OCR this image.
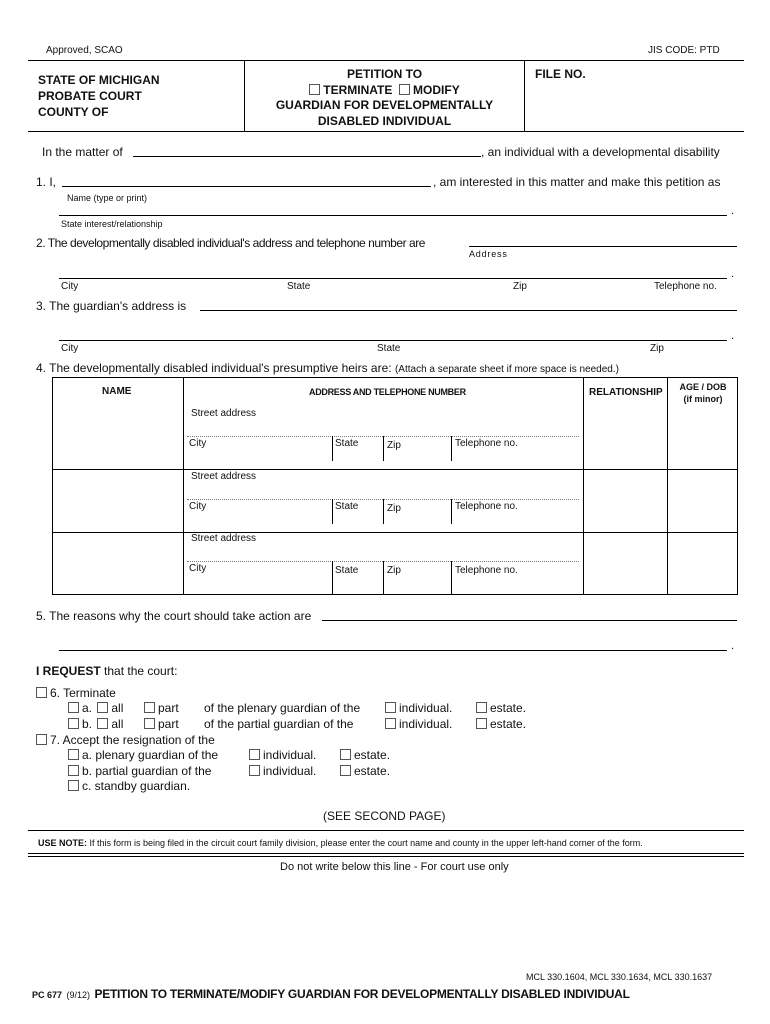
Approved, SCAO	JIS CODE: PTD
STATE OF MICHIGAN
PROBATE COURT
COUNTY OF
PETITION TO
TERMINATE MODIFY
GUARDIAN FOR DEVELOPMENTALLY
DISABLED INDIVIDUAL
FILE NO.
In the matter of	, an individual with a developmental disability
1. I,	, am interested in this matter and make this petition as
Name (type or print)
.
State interest/relationship
2. The developmentally disabled individual's address and telephone number are
Address
.
City	State	Zip	Telephone no.
3. The guardian's address is
.
City	State	Zip
4. The developmentally disabled individual's presumptive heirs are: (Attach a separate sheet if more space is needed.)
NAME	ADDRESS AND TELEPHONE NUMBER	RELATIONSHIP	AGE / DOB
(if minor)
Street address
City	State	Zip	Telephone no.
Street address
City	State	Zip	Telephone no.
Street address
City	State	Zip	Telephone no.
5. The reasons why the court should take action are
.
I REQUEST that the court:
6. Terminate
a. all	part of the plenary guardian of the	individual.	estate.
b. all	part of the partial guardian of the	individual.	estate.
7. Accept the resignation of the
a. plenary guardian of the	individual.	estate.
b. partial guardian of the	individual.	estate.
c. standby guardian.
(SEE SECOND PAGE)
USE NOTE: If this form is being filed in the circuit court family division, please enter the court name and county in the upper left-hand corner of the form.
Do not write below this line - For court use only
MCL 330.1604, MCL 330.1634, MCL 330.1637
PC 677 (9/12) PETITION TO TERMINATE/MODIFY GUARDIAN FOR DEVELOPMENTALLY DISABLED INDIVIDUAL
